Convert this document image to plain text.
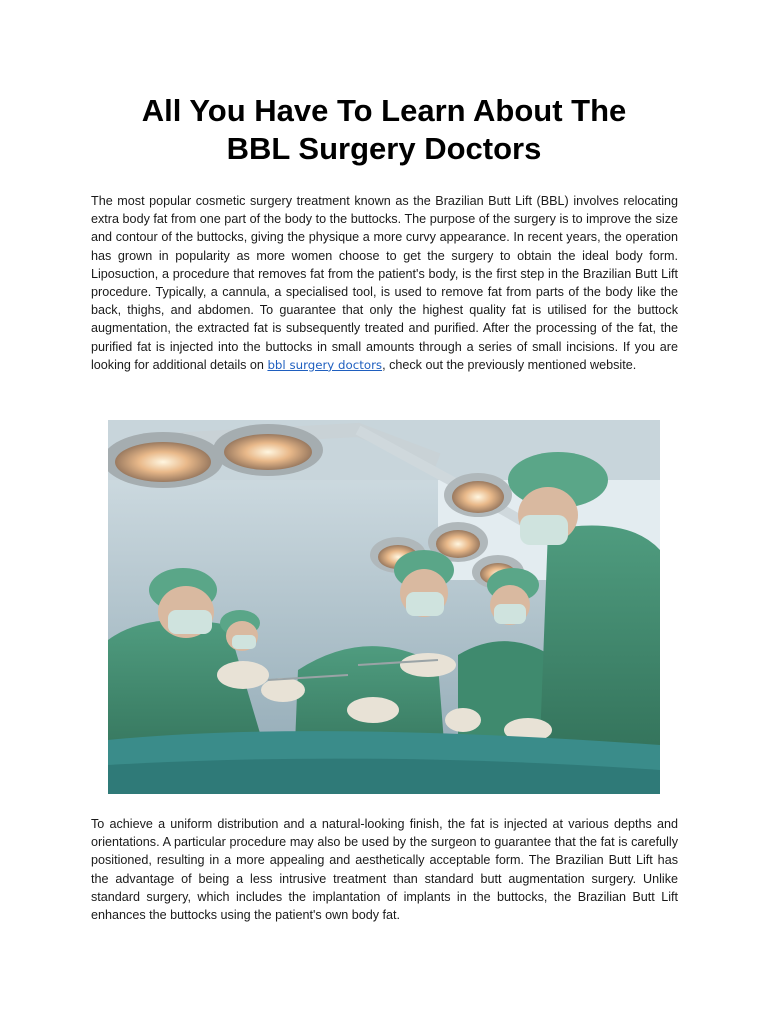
All You Have To Learn About The
BBL Surgery Doctors

The most popular cosmetic surgery treatment known as the Brazilian Butt Lift (BBL) involves relocating extra body fat from one part of the body to the buttocks. The purpose of the surgery is to improve the size and contour of the buttocks, giving the physique a more curvy appearance. In recent years, the operation has grown in popularity as more women choose to get the surgery to obtain the ideal body form. Liposuction, a procedure that removes fat from the patient's body, is the first step in the Brazilian Butt Lift procedure. Typically, a cannula, a specialised tool, is used to remove fat from parts of the body like the back, thighs, and abdomen. To guarantee that only the highest quality fat is utilised for the buttock augmentation, the extracted fat is subsequently treated and purified. After the processing of the fat, the purified fat is injected into the buttocks in small amounts through a series of small incisions. If you are looking for additional details on bbl surgery doctors, check out the previously mentioned website.

To achieve a uniform distribution and a natural-looking finish, the fat is injected at various depths and orientations. A particular procedure may also be used by the surgeon to guarantee that the fat is carefully positioned, resulting in a more appealing and aesthetically acceptable form. The Brazilian Butt Lift has the advantage of being a less intrusive treatment than standard butt augmentation surgery. Unlike standard surgery, which includes the implantation of implants in the buttocks, the Brazilian Butt Lift enhances the buttocks using the patient's own body fat.
